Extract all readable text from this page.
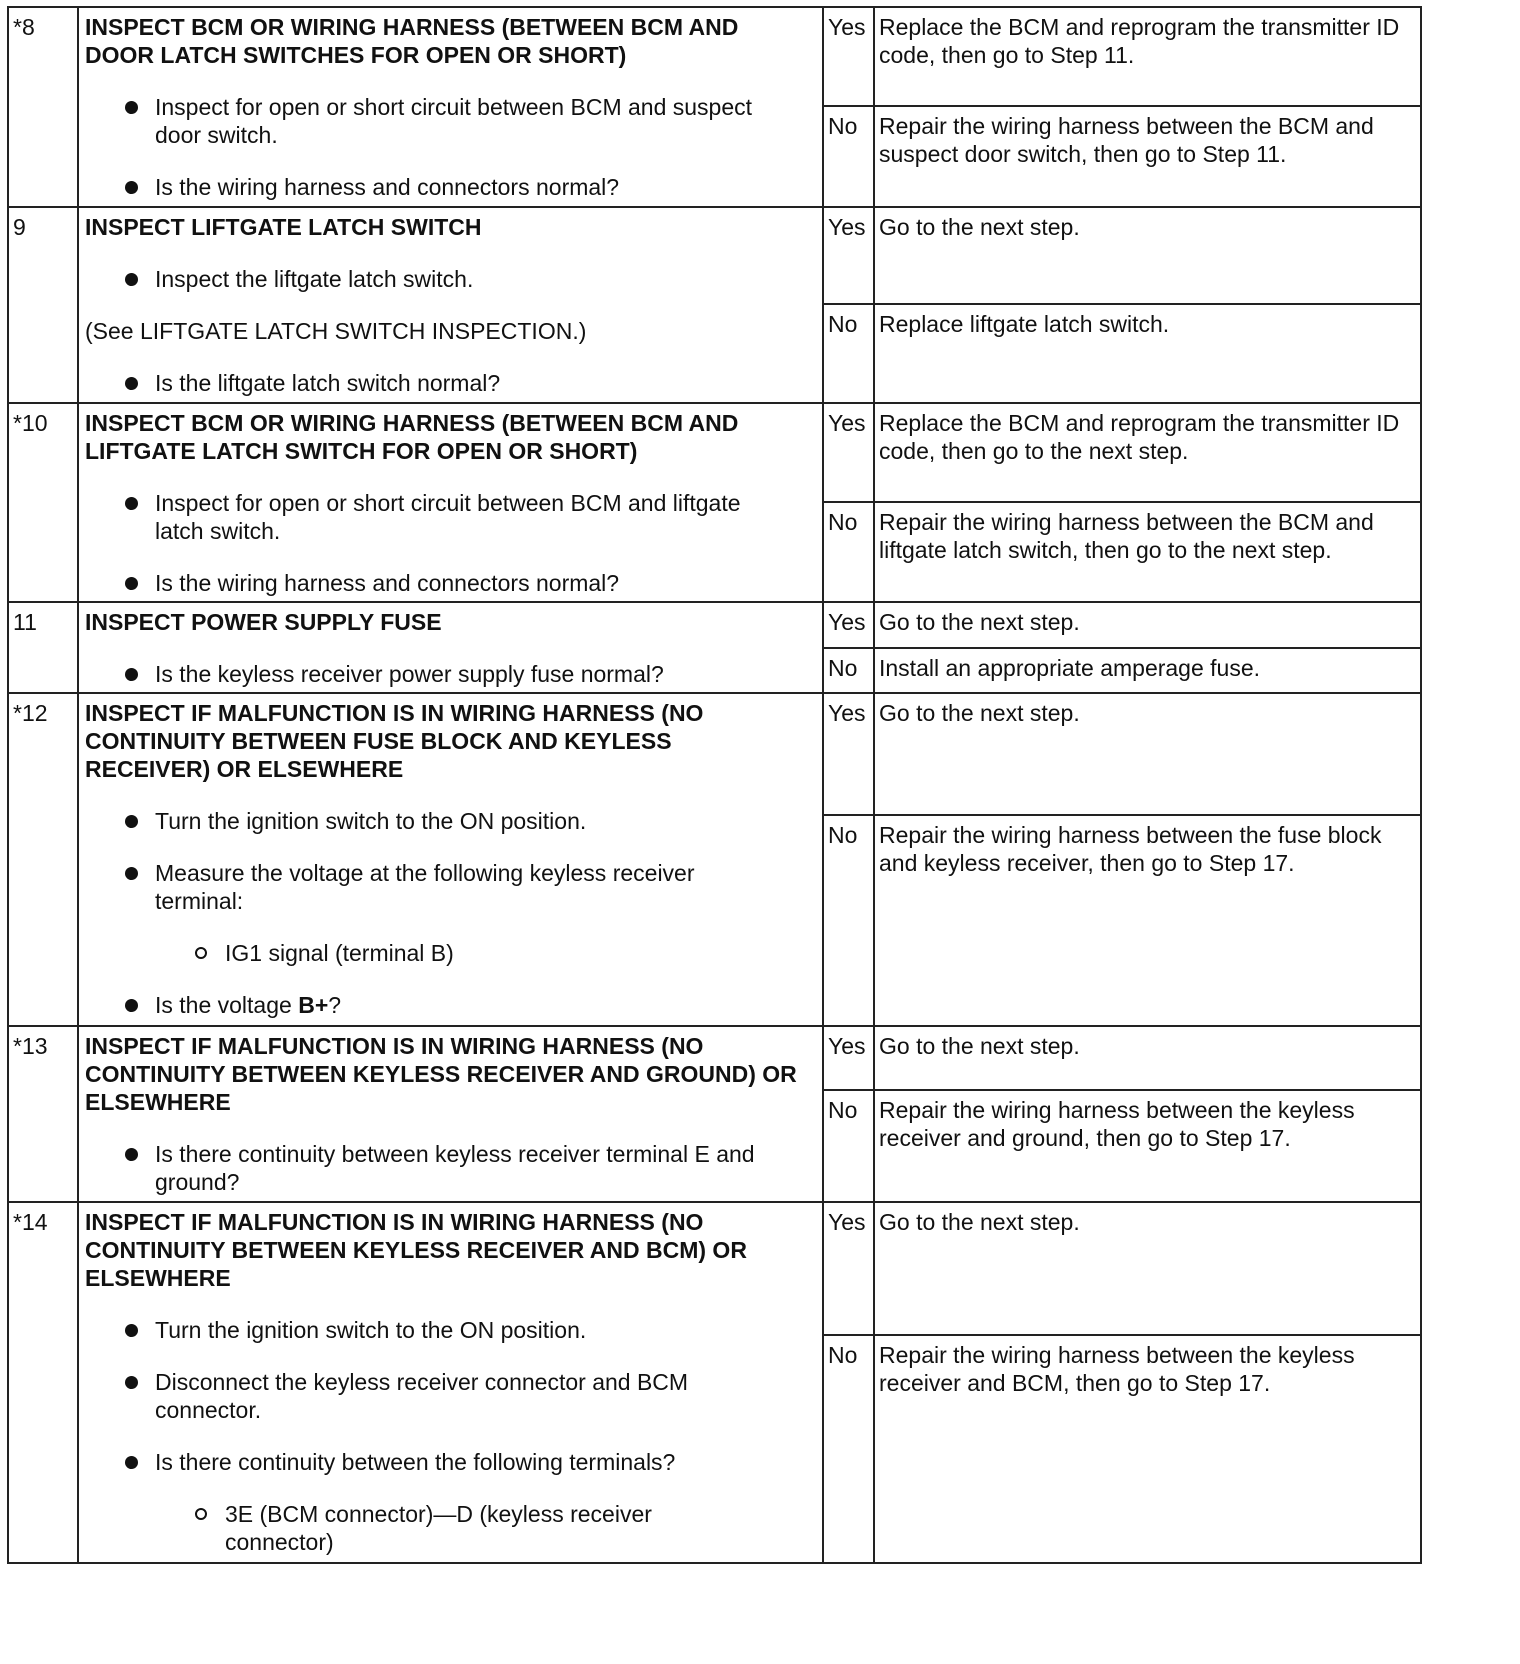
*8 INSPECT BCM OR WIRING HARNESS (BETWEEN BCM AND
DOOR LATCH SWITCHES FOR OPEN OR SHORT)
Inspect for open or short circuit between BCM and suspect
door switch.
Is the wiring harness and connectors normal?
Yes Replace the BCM and reprogram the transmitter ID
code, then go to Step 11.
No Repair the wiring harness between the BCM and
suspect door switch, then go to Step 11.
9	INSPECT LIFTGATE LATCH SWITCH
Inspect the liftgate latch switch.
(See LIFTGATE LATCH SWITCH INSPECTION.)
Is the liftgate latch switch normal?
Yes Go to the next step.
No Replace liftgate latch switch.
*10 INSPECT BCM OR WIRING HARNESS (BETWEEN BCM AND
LIFTGATE LATCH SWITCH FOR OPEN OR SHORT)
Inspect for open or short circuit between BCM and liftgate
latch switch.
Is the wiring harness and connectors normal?
Yes Replace the BCM and reprogram the transmitter ID
code, then go to the next step.
No Repair the wiring harness between the BCM and
liftgate latch switch, then go to the next step.
11 INSPECT POWER SUPPLY FUSE
Is the keyless receiver power supply fuse normal?
Yes Go to the next step.
No Install an appropriate amperage fuse.
*12 INSPECT IF MALFUNCTION IS IN WIRING HARNESS (NO
CONTINUITY BETWEEN FUSE BLOCK AND KEYLESS
RECEIVER) OR ELSEWHERE
Turn the ignition switch to the ON position.
Measure the voltage at the following keyless receiver
terminal:
IG1 signal (terminal B)
Is the voltage B+?
Yes Go to the next step.
No Repair the wiring harness between the fuse block
and keyless receiver, then go to Step 17.
*13 INSPECT IF MALFUNCTION IS IN WIRING HARNESS (NO
CONTINUITY BETWEEN KEYLESS RECEIVER AND GROUND) OR
ELSEWHERE
Is there continuity between keyless receiver terminal E and
ground?
Yes Go to the next step.
No Repair the wiring harness between the keyless
receiver and ground, then go to Step 17.
*14 INSPECT IF MALFUNCTION IS IN WIRING HARNESS (NO
CONTINUITY BETWEEN KEYLESS RECEIVER AND BCM) OR
ELSEWHERE
Turn the ignition switch to the ON position.
Disconnect the keyless receiver connector and BCM
connector.
Is there continuity between the following terminals?
3E (BCM connector)—D (keyless receiver
connector)
Yes Go to the next step.
No Repair the wiring harness between the keyless
receiver and BCM, then go to Step 17.
